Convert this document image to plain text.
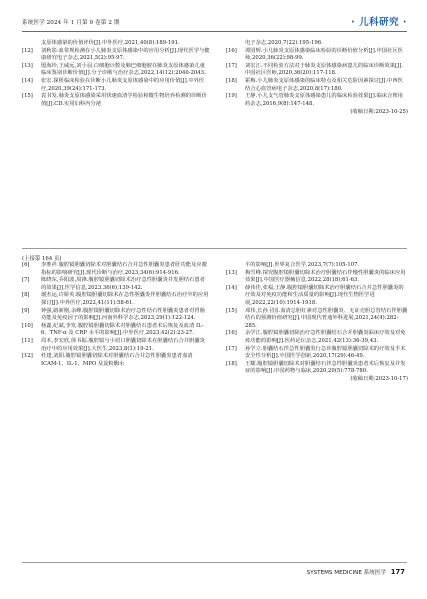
系统医学 2024 年 1 月第 9 卷第 2 期	· 儿科研究 ·

支原体感染的价值评价[J].中外医疗,2021,40(8):189-191.

[12] 刘秋影.血常规检测在小儿肺炎支原体感染中的应用分析[J].现代医学与健康研究电子杂志,2021,5(2):95-97.

[13] 殷海珍,王威远,刘小羽.白细胞计数及肺巴细胞胺在肺炎支原体感染儿童临床鉴别诊断价值[J].分子诊断与治疗杂志,2022,14(12):2040-2043.

[14] 张宏.探析临床检验在诊断小儿肺炎支原体感染中的应用价值[J].中外医疗,2020,39(24):171-173.

[15] 袁书发.肺炎支原体感染采用快速血清学检验和微生物培养检测的诊断价值[J].CD.实用妇科内分泌

电子杂志,2020,7(22):195-196.

[16] 谭国辉.小儿肺炎支原体感染临床检验的诊断价值分析[J].中国社区医师,2020,36(22):98-99.

[17] 刘宏江.不同检验方法对于肺炎支原体感染病患儿的临床诊断效果[J].中国社区医师,2020,36(20):117-118.

[18] 霍梅.小儿肺炎支原体感染的临床特点及相关危险因素探讨[J].中西医结合心血管病电子杂志,2020,8(17):180.

[19] 王静.小儿支气管肺炎支原体感染患儿的临床检验效果[J].临床合理用药杂志,2016,9(8):147-148.

(收稿日期:2023-10-25)
(上接第 164 页)

[6] 李胜祥.腹腔镜胆囊切除术对胆囊结石合并急性胆囊炎患者肝功能及应激指标的影响研究[J].现代诊断与治疗,2023,34(6):914-916.

[7] 陈晓东,乔阳波,周锋.腹腔镜胆囊切除术治疗急性胆囊炎并发胆结石患者的效果[J].医学信息,2023,36(6):139-142.

[8] 谢杰运,许娇英.腹腔镜胆囊切除术在急性胆囊炎伴胆囊结石治疗中的应用探讨[J].中外医疗,2022,41(11):58-61.

[9] 钟强,路新刚,余峰.腹腔镜胆囊切除术治疗急性结石性胆囊炎患者对胃肠功能及免疫因子的影响[J].河南外科学杂志,2023,29(1):122-124.

[10] 杨鑫,纪斌,李发.腹腔镜胆囊切除术对胆囊结石患者术后恢复及血清 IL-6、TNF-α 及 CRP 水平的影响[J].中外医疗,2023,42(2):23-27.

[11] 周本,李宏欣,徐书振.腹腔镜与小切口胆囊切除术在胆囊结石合并胆囊炎治疗中的应用效果[J].大医生,2023,8(1):19-21.

[12] 杜建,刘阳.腹腔镜胆囊切除术对胆囊结石合并急性胆囊炎患者血清 ICAM-1、IL-1、MPO 及淀粉酶水

平的影响[J].世界复合医学,2023,7(7):105-107.

[13] 梅雪峰.探究腹腔镜胆囊切除术治疗胆囊结石伴慢性胆囊炎的临床应用效果[J].中国医疗器械信息,2022,28(18):61-63.

[14] 薛伟佳,张福,王静.腹腔镜胆囊切除术治疗胆囊结石合并急性胆囊炎的疗效及对免疫功能和生活质量的影响[J].现代生物医学进展,2022,22(10):1914-1918.

[15] 邓伟,长孙卫国.血清总胆红素对急性胆囊炎、无证壳胆总管结石伴胆囊结石的预测价值研究[J].中国现代普通外科进展,2021,24(4):282-285.

[16] 余学江.腹腔镜胆囊切除治疗急性胆囊结石合并胆囊炎临床疗效及对免疫功能的影响[J].医药论坛杂志,2021,42(13):36-39,43.

[17] 孙学立.胆囊结石伴急性胆囊炎行急诊腹腔镜胆囊切除术的疗效及手术安全性分析[J].中国医学创新,2020,17(29):46-49.

[18] 王耀.腹腔镜胆囊切除术对胆囊结石伴急性胆囊炎患者术后恢复及并发症的影响[J].中国药物与临床,2020,20(5):778-780.

(收稿日期:2023-10-17)
SYSTEMS MEDICINE 系统医学 177
